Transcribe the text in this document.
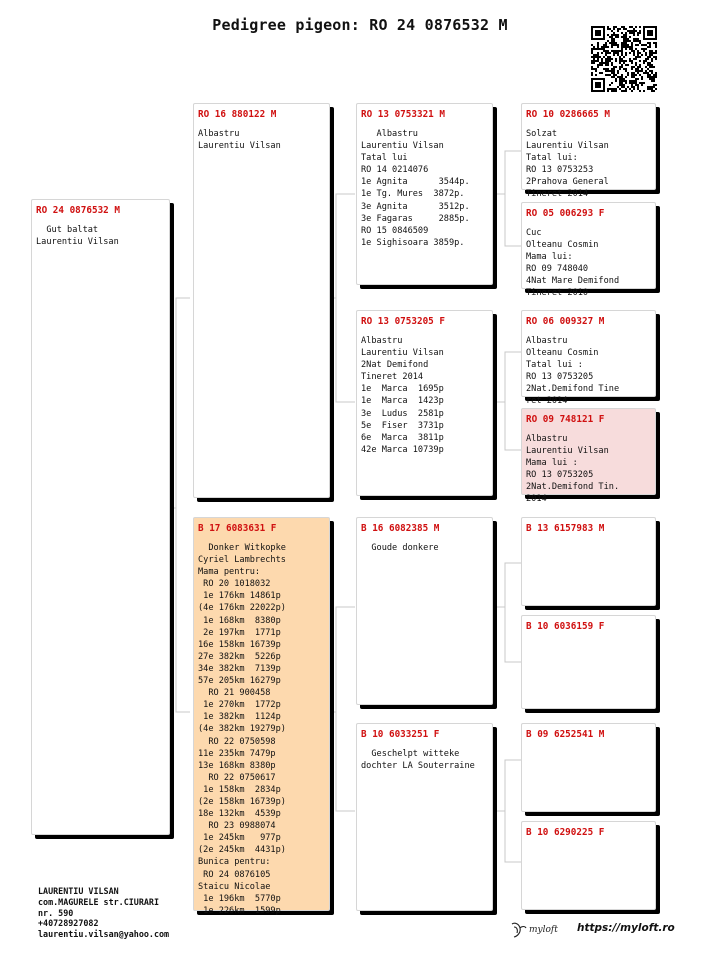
Pedigree pigeon: RO 24 0876532 M
RO 24 0876532 M
Gut baltat
Laurentiu Vilsan
RO 16 880122 M
Albastru
Laurentiu Vilsan
B 17 6083631 F
Donker Witkopke
Cyriel Lambrechts
Mama pentru:
RO 20 1018032
1e 176km 14861p
(4e 176km 22022p)
1e 168km  8380p
2e 197km  1771p
16e 158km 16739p
27e 382km  5226p
34e 382km  7139p
57e 205km 16279p
RO 21 900458
1e 270km  1772p
1e 382km  1124p
(4e 382km 19279p)
RO 22 0750598
11e 235km 7479p
13e 168km 8380p
RO 22 0750617
1e 158km  2834p
(2e 158km 16739p)
18e 132km  4539p
RO 23 0988074
1e 245km   977p
(2e 245km  4431p)
Bunica pentru:
RO 24 0876105
Staicu Nicolae
1e 196km  5770p
1e 226km  1599p
RO 13 0753321 M
Albastru
Laurentiu Vilsan
Tatal lui
RO 14 0214076
1e Agnita      3544p.
1e Tg. Mures  3872p.
3e Agnita      3512p.
3e Fagaras     2885p.
RO 15 0846509
1e Sighisoara 3859p.
RO 13 0753205 F
Albastru
Laurentiu Vilsan
2Nat Demifond
Tineret 2014
1e  Marca  1695p
1e  Marca  1423p
3e  Ludus  2581p
5e  Fiser  3731p
6e  Marca  3811p
42e Marca 10739p
B 16 6082385 M
Goude donkere
B 10 6033251 F
Geschelpt witteke
dochter LA Souterraine
RO 10 0286665 M
Solzat
Laurentiu Vilsan
Tatal lui:
RO 13 0753253
2Prahova General
Tineret 2014
RO 05 006293 F
Cuc
Olteanu Cosmin
Mama lui:
RO 09 748040
4Nat Mare Demifond
Tineret 2010
RO 06 009327 M
Albastru
Olteanu Cosmin
Tatal lui :
RO 13 0753205
2Nat.Demifond Tine
ret 2014
RO 09 748121 F
Albastru
Laurentiu Vilsan
Mama lui :
RO 13 0753205
2Nat.Demifond Tin.
2014
B 13 6157983 M
B 10 6036159 F
B 09 6252541 M
B 10 6290225 F
LAURENTIU VILSAN
com.MAGURELE str.CIURARI
nr. 590
+40728927082
laurentiu.vilsan@yahoo.com	myloft https://myloft.ro
